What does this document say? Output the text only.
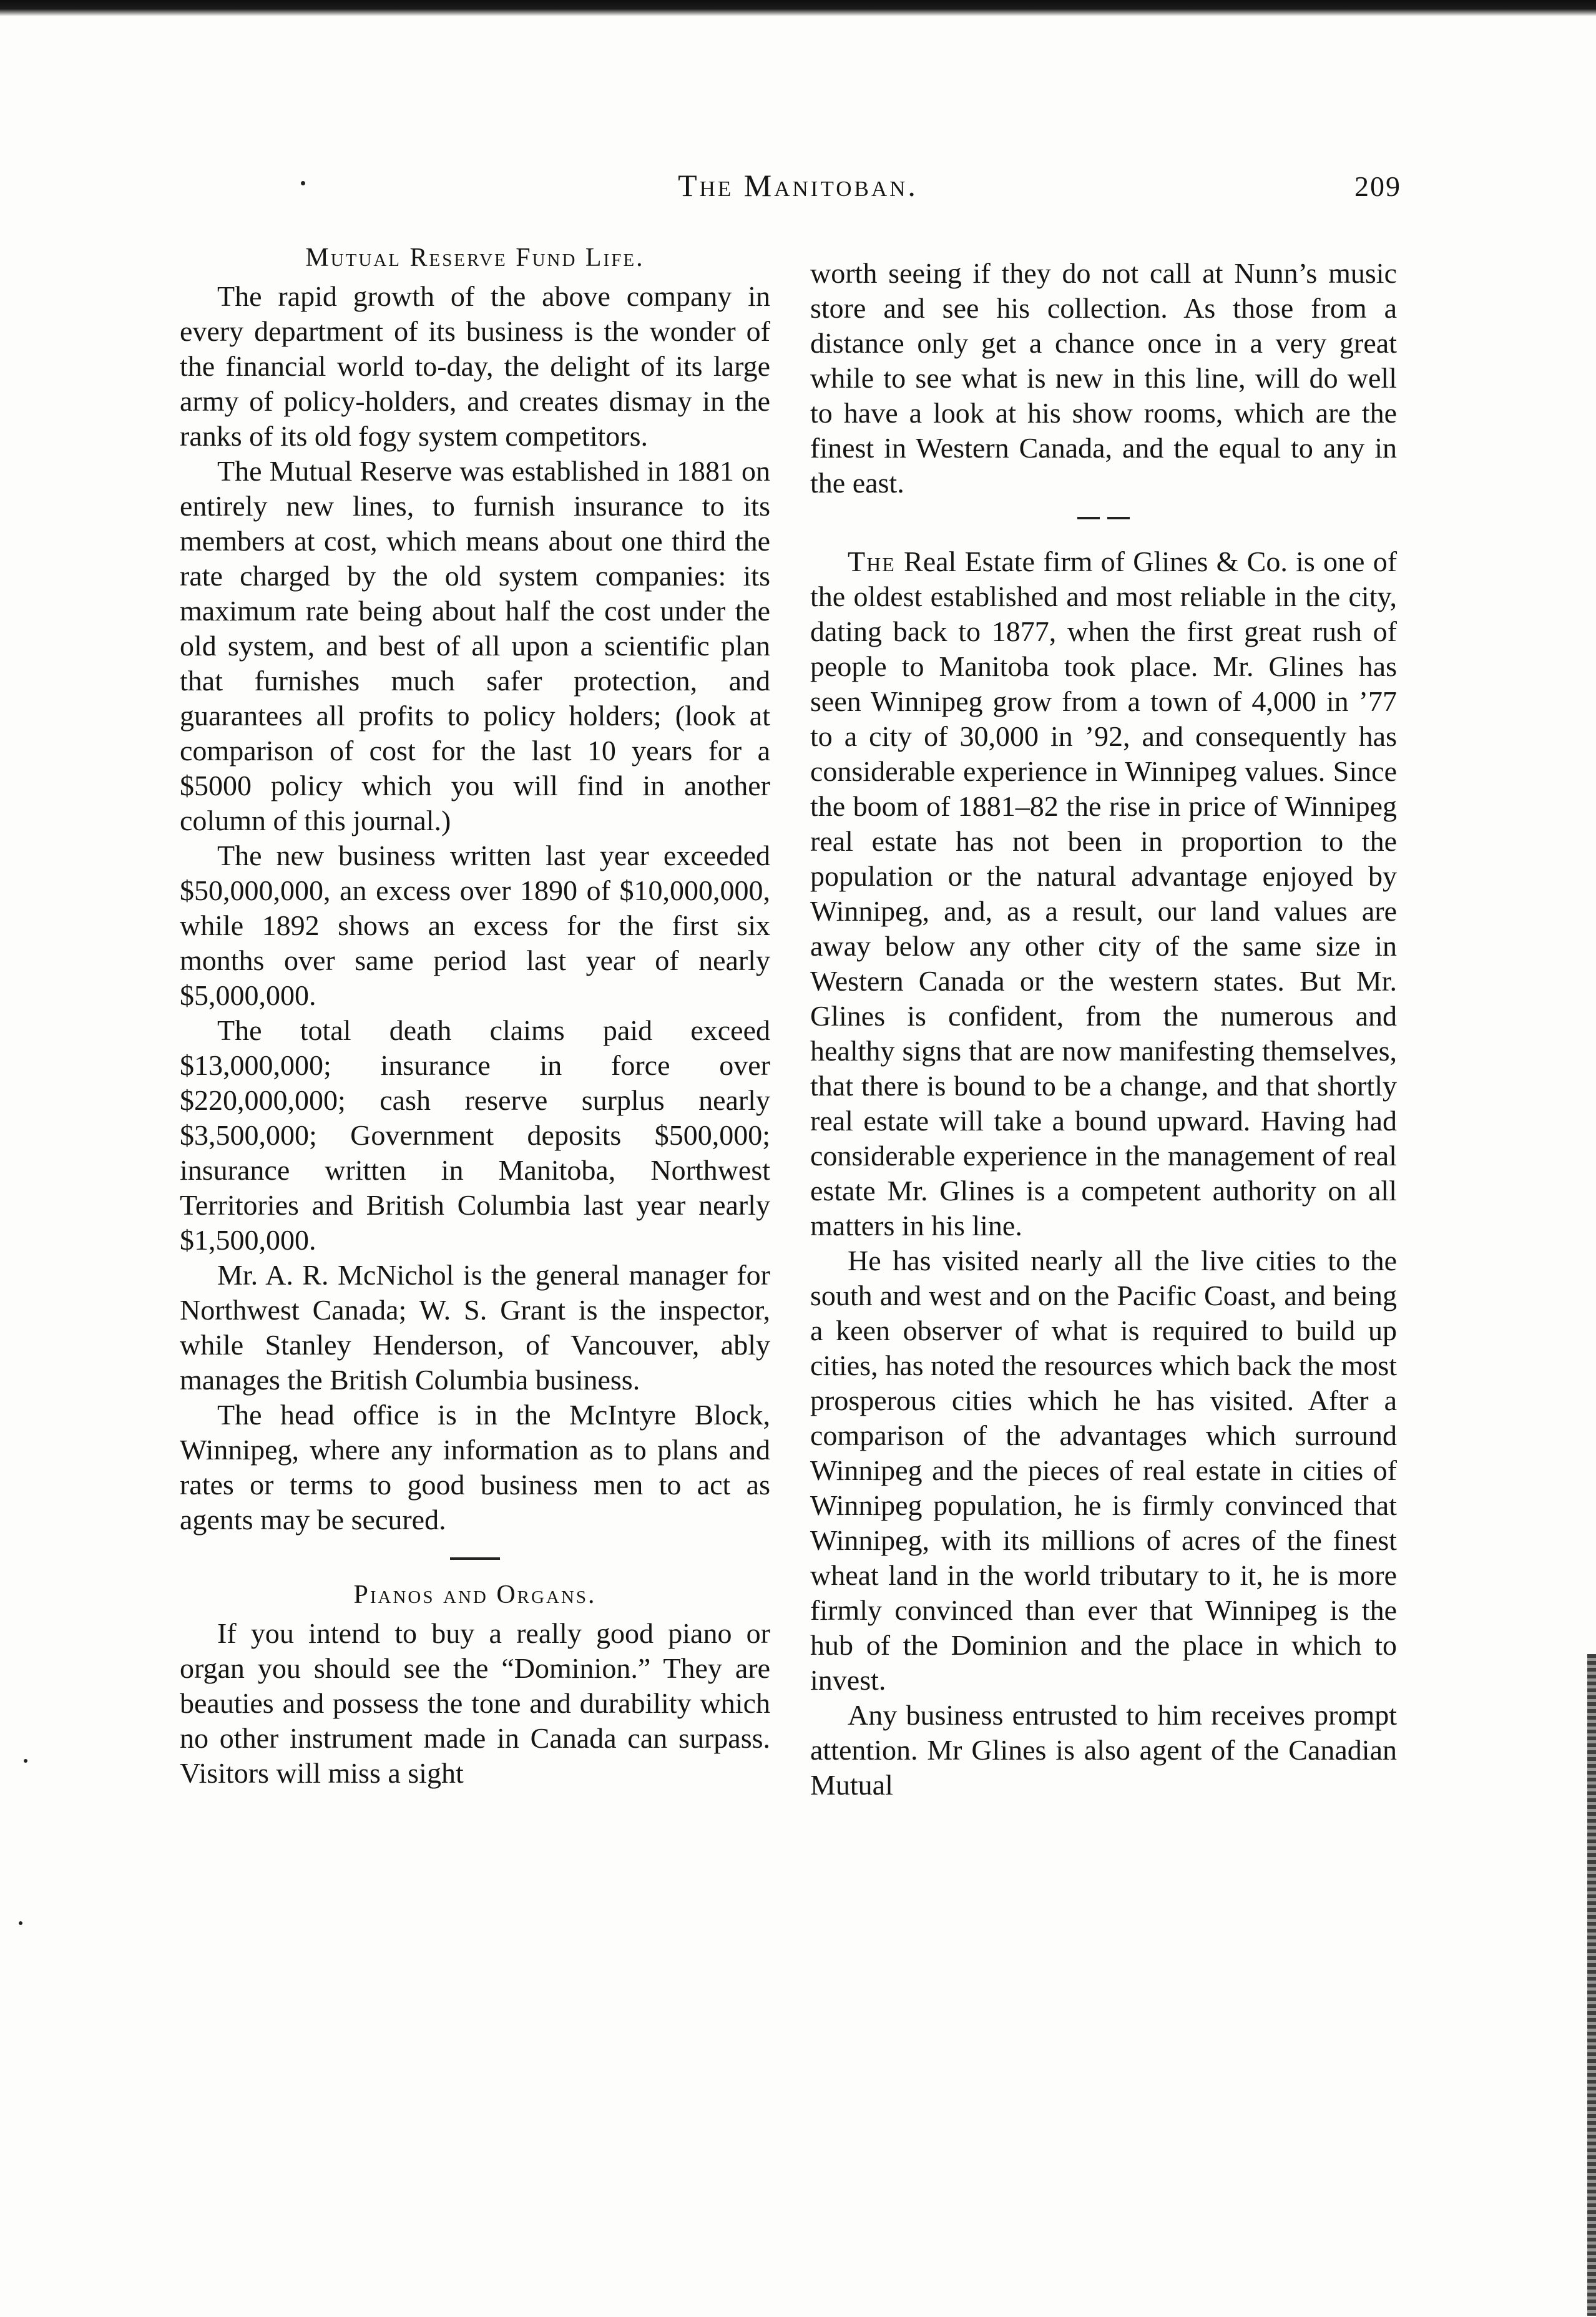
The Manitoban.	209
Mutual Reserve Fund Life.

The rapid growth of the above company in every department of its business is the wonder of the financial world to-day, the delight of its large army of policy-holders, and creates dismay in the ranks of its old fogy system competitors.

The Mutual Reserve was established in 1881 on entirely new lines, to furnish insurance to its members at cost, which means about one third the rate charged by the old system companies: its maximum rate being about half the cost under the old system, and best of all upon a scientific plan that furnishes much safer protection, and guarantees all profits to policy holders; (look at comparison of cost for the last 10 years for a $5000 policy which you will find in another column of this journal.)

The new business written last year exceeded $50,000,000, an excess over 1890 of $10,000,000, while 1892 shows an excess for the first six months over same period last year of nearly $5,000,000.

The total death claims paid exceed $13,000,000; insurance in force over $220,000,000; cash reserve surplus nearly $3,500,000; Government deposits $500,000; insurance written in Manitoba, Northwest Territories and British Columbia last year nearly $1,500,000.

Mr. A. R. McNichol is the general manager for Northwest Canada; W. S. Grant is the inspector, while Stanley Henderson, of Vancouver, ably manages the British Columbia business.

The head office is in the McIntyre Block, Winnipeg, where any information as to plans and rates or terms to good business men to act as agents may be secured.

Pianos and Organs.

If you intend to buy a really good piano or organ you should see the “Dominion.” They are beauties and possess the tone and durability which no other instrument made in Canada can surpass. Visitors will miss a sight

worth seeing if they do not call at Nunn’s music store and see his collection. As those from a distance only get a chance once in a very great while to see what is new in this line, will do well to have a look at his show rooms, which are the finest in Western Canada, and the equal to any in the east.

The Real Estate firm of Glines & Co. is one of the oldest established and most reliable in the city, dating back to 1877, when the first great rush of people to Manitoba took place. Mr. Glines has seen Winnipeg grow from a town of 4,000 in ’77 to a city of 30,000 in ’92, and consequently has considerable experience in Winnipeg values. Since the boom of 1881–82 the rise in price of Winnipeg real estate has not been in proportion to the population or the natural advantage enjoyed by Winnipeg, and, as a result, our land values are away below any other city of the same size in Western Canada or the western states. But Mr. Glines is confident, from the numerous and healthy signs that are now manifesting themselves, that there is bound to be a change, and that shortly real estate will take a bound upward. Having had considerable experience in the management of real estate Mr. Glines is a competent authority on all matters in his line.

He has visited nearly all the live cities to the south and west and on the Pacific Coast, and being a keen observer of what is required to build up cities, has noted the resources which back the most prosperous cities which he has visited. After a comparison of the advantages which surround Winnipeg and the pieces of real estate in cities of Winnipeg population, he is firmly convinced that Winnipeg, with its millions of acres of the finest wheat land in the world tributary to it, he is more firmly convinced than ever that Winnipeg is the hub of the Dominion and the place in which to invest.

Any business entrusted to him receives prompt attention. Mr Glines is also agent of the Canadian Mutual
